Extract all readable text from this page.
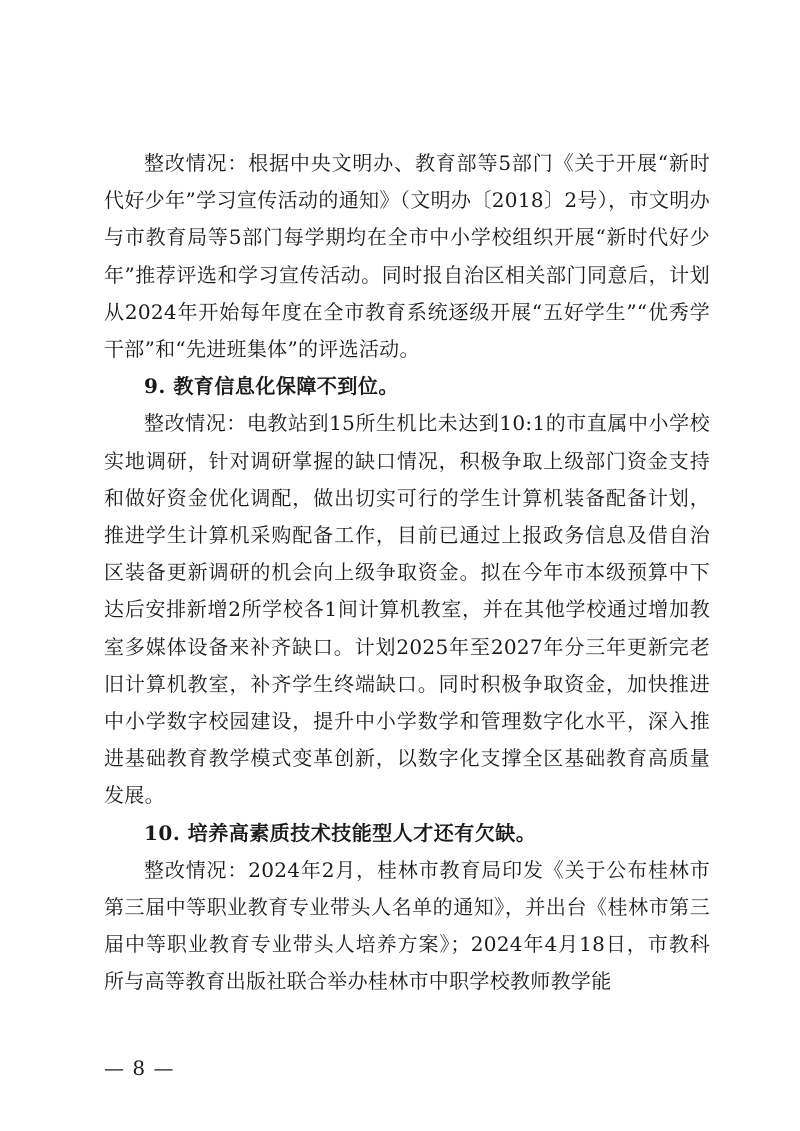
整改情况：根据中央文明办、教育部等5部门《关于开展“新时代好少年”学习宣传活动的通知》（文明办〔2018〕2号），市文明办与市教育局等5部门每学期均在全市中小学校组织开展“新时代好少年”推荐评选和学习宣传活动。同时报自治区相关部门同意后，计划从2024年开始每年度在全市教育系统逐级开展“五好学生”“优秀学干部”和“先进班集体”的评选活动。

9. 教育信息化保障不到位。

整改情况：电教站到15所生机比未达到10:1的市直属中小学校实地调研，针对调研掌握的缺口情况，积极争取上级部门资金支持和做好资金优化调配，做出切实可行的学生计算机装备配备计划，推进学生计算机采购配备工作，目前已通过上报政务信息及借自治区装备更新调研的机会向上级争取资金。拟在今年市本级预算中下达后安排新增2所学校各1间计算机教室，并在其他学校通过增加教室多媒体设备来补齐缺口。计划2025年至2027年分三年更新完老旧计算机教室，补齐学生终端缺口。同时积极争取资金，加快推进中小学数字校园建设，提升中小学数学和管理数字化水平，深入推进基础教育教学模式变革创新，以数字化支撑全区基础教育高质量发展。

10. 培养高素质技术技能型人才还有欠缺。

整改情况：2024年2月，桂林市教育局印发《关于公布桂林市第三届中等职业教育专业带头人名单的通知》，并出台《桂林市第三届中等职业教育专业带头人培养方案》；2024年4月18日，市教科所与高等教育出版社联合举办桂林市中职学校教师教学能

— 8 —
